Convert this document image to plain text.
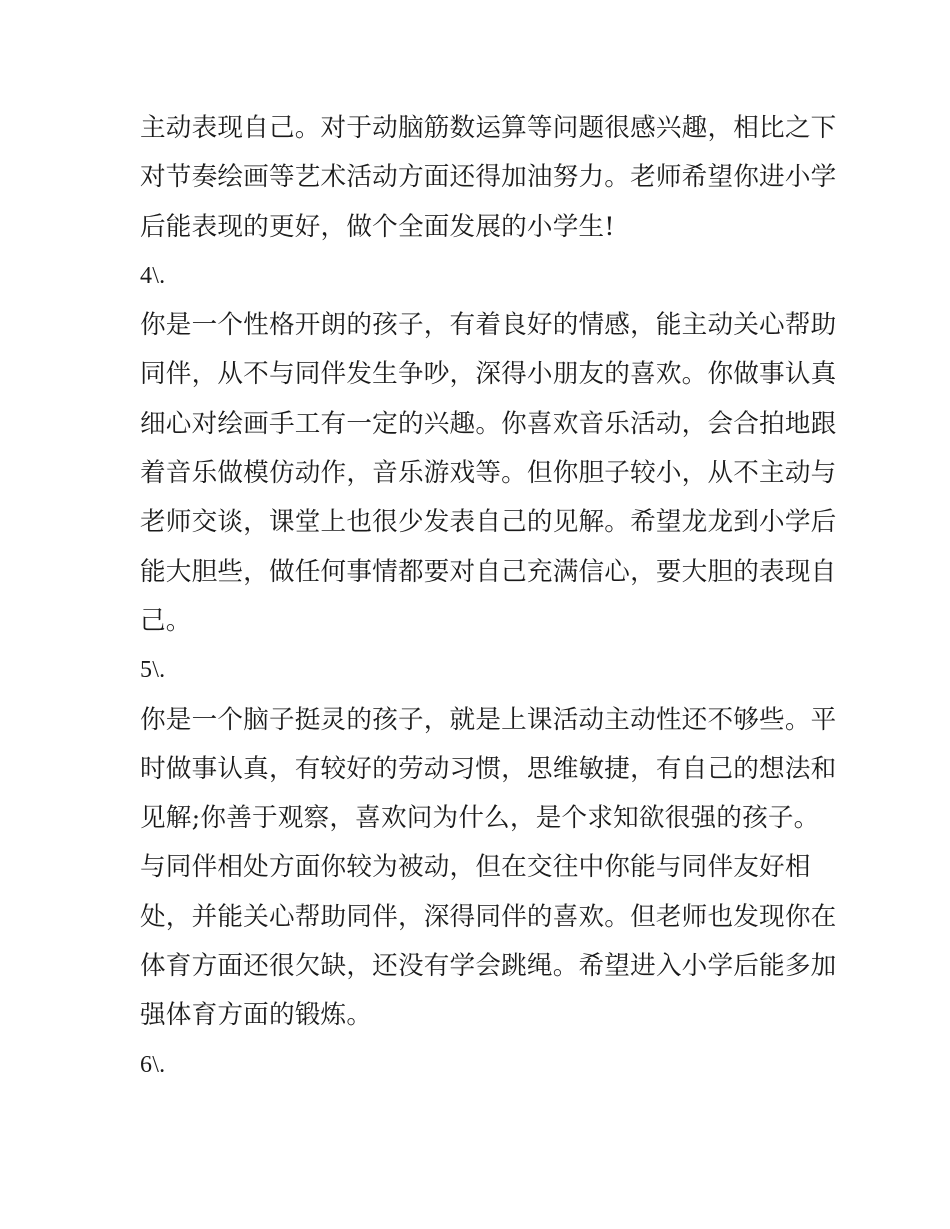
主动表现自己。对于动脑筋数运算等问题很感兴趣，相比之下
对节奏绘画等艺术活动方面还得加油努力。老师希望你进小学
后能表现的更好，做个全面发展的小学生!
4\.
你是一个性格开朗的孩子，有着良好的情感，能主动关心帮助
同伴，从不与同伴发生争吵，深得小朋友的喜欢。你做事认真
细心对绘画手工有一定的兴趣。你喜欢音乐活动，会合拍地跟
着音乐做模仿动作，音乐游戏等。但你胆子较小，从不主动与
老师交谈，课堂上也很少发表自己的见解。希望龙龙到小学后
能大胆些，做任何事情都要对自己充满信心，要大胆的表现自
己。
5\.
你是一个脑子挺灵的孩子，就是上课活动主动性还不够些。平
时做事认真，有较好的劳动习惯，思维敏捷，有自己的想法和
见解;你善于观察，喜欢问为什么，是个求知欲很强的孩子。
与同伴相处方面你较为被动，但在交往中你能与同伴友好相
处，并能关心帮助同伴，深得同伴的喜欢。但老师也发现你在
体育方面还很欠缺，还没有学会跳绳。希望进入小学后能多加
强体育方面的锻炼。
6\.
